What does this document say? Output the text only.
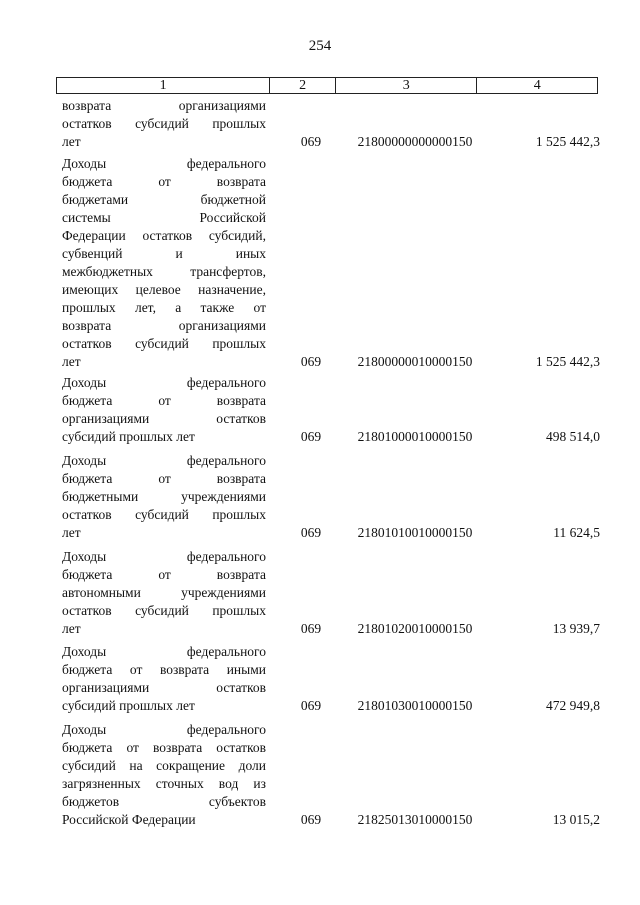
254
1	2	3	4
возврата организациями
остатков субсидий прошлых
лет	069	21800000000000150	1 525 442,3
Доходы федерального
бюджета от возврата
бюджетами бюджетной
системы Российской
Федерации остатков субсидий,
субвенций и иных
межбюджетных трансфертов,
имеющих целевое назначение,
прошлых лет, а также от
возврата организациями
остатков субсидий прошлых
лет	069	21800000010000150	1 525 442,3
Доходы федерального
бюджета от возврата
организациями остатков
субсидий прошлых лет	069	21801000010000150	498 514,0
Доходы федерального
бюджета от возврата
бюджетными учреждениями
остатков субсидий прошлых
лет	069	21801010010000150	11 624,5
Доходы федерального
бюджета от возврата
автономными учреждениями
остатков субсидий прошлых
лет	069	21801020010000150	13 939,7
Доходы федерального
бюджета от возврата иными
организациями остатков
субсидий прошлых лет	069	21801030010000150	472 949,8
Доходы федерального
бюджета от возврата остатков
субсидий на сокращение доли
загрязненных сточных вод из
бюджетов субъектов
Российской Федерации	069	21825013010000150	13 015,2
